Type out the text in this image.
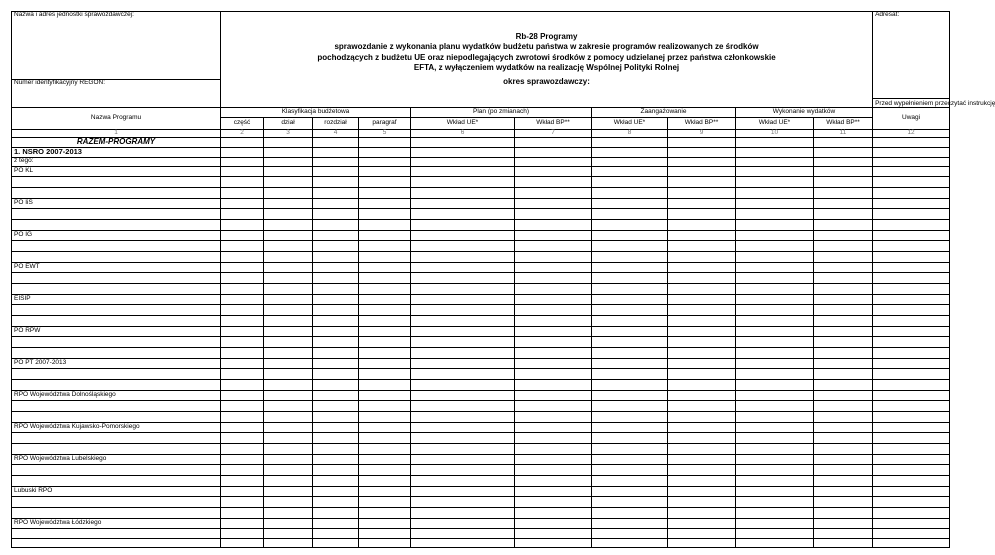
Nazwa i adres jednostki sprawozdawczej:	Rb-28 Programy
sprawozdanie z wykonania planu wydatków budżetu państwa w zakresie programów realizowanych ze środków
pochodzących z budżetu UE oraz niepodlegających zwrotowi środków z pomocy udzielanej przez państwa członkowskie
EFTA, z wyłączeniem wydatków na realizację Wspólnej Polityki Rolnej
okres sprawozdawczy:										Adresat:
Numer identyfikacyjny REGON:											
											Przed wypełnieniem przeczytać instrukcję
Nazwa Programu	Klasyfikacja budżetowa				Plan (po zmianach)		Zaangażowanie		Wykonanie wydatków		Uwagi
	część	dział	rozdział	paragraf	Wkład UE*	Wkład BP**	Wkład UE*	Wkład BP**	Wkład UE*	Wkład BP**	
1	2	3	4	5	6	7	8	9	10	11	12
RAZEM-PROGRAMY											
1. NSRO 2007-2013											
z tego:											
PO KL											

PO IiŚ											

PO IG											

PO EWT											

EISIP											

PO RPW											

PO PT 2007-2013											

RPO Województwa Dolnośląskiego											

RPO Województwa Kujawsko-Pomorskiego											

RPO Województwa Lubelskiego											

Lubuski RPO											

RPO Województwa Łódzkiego											
